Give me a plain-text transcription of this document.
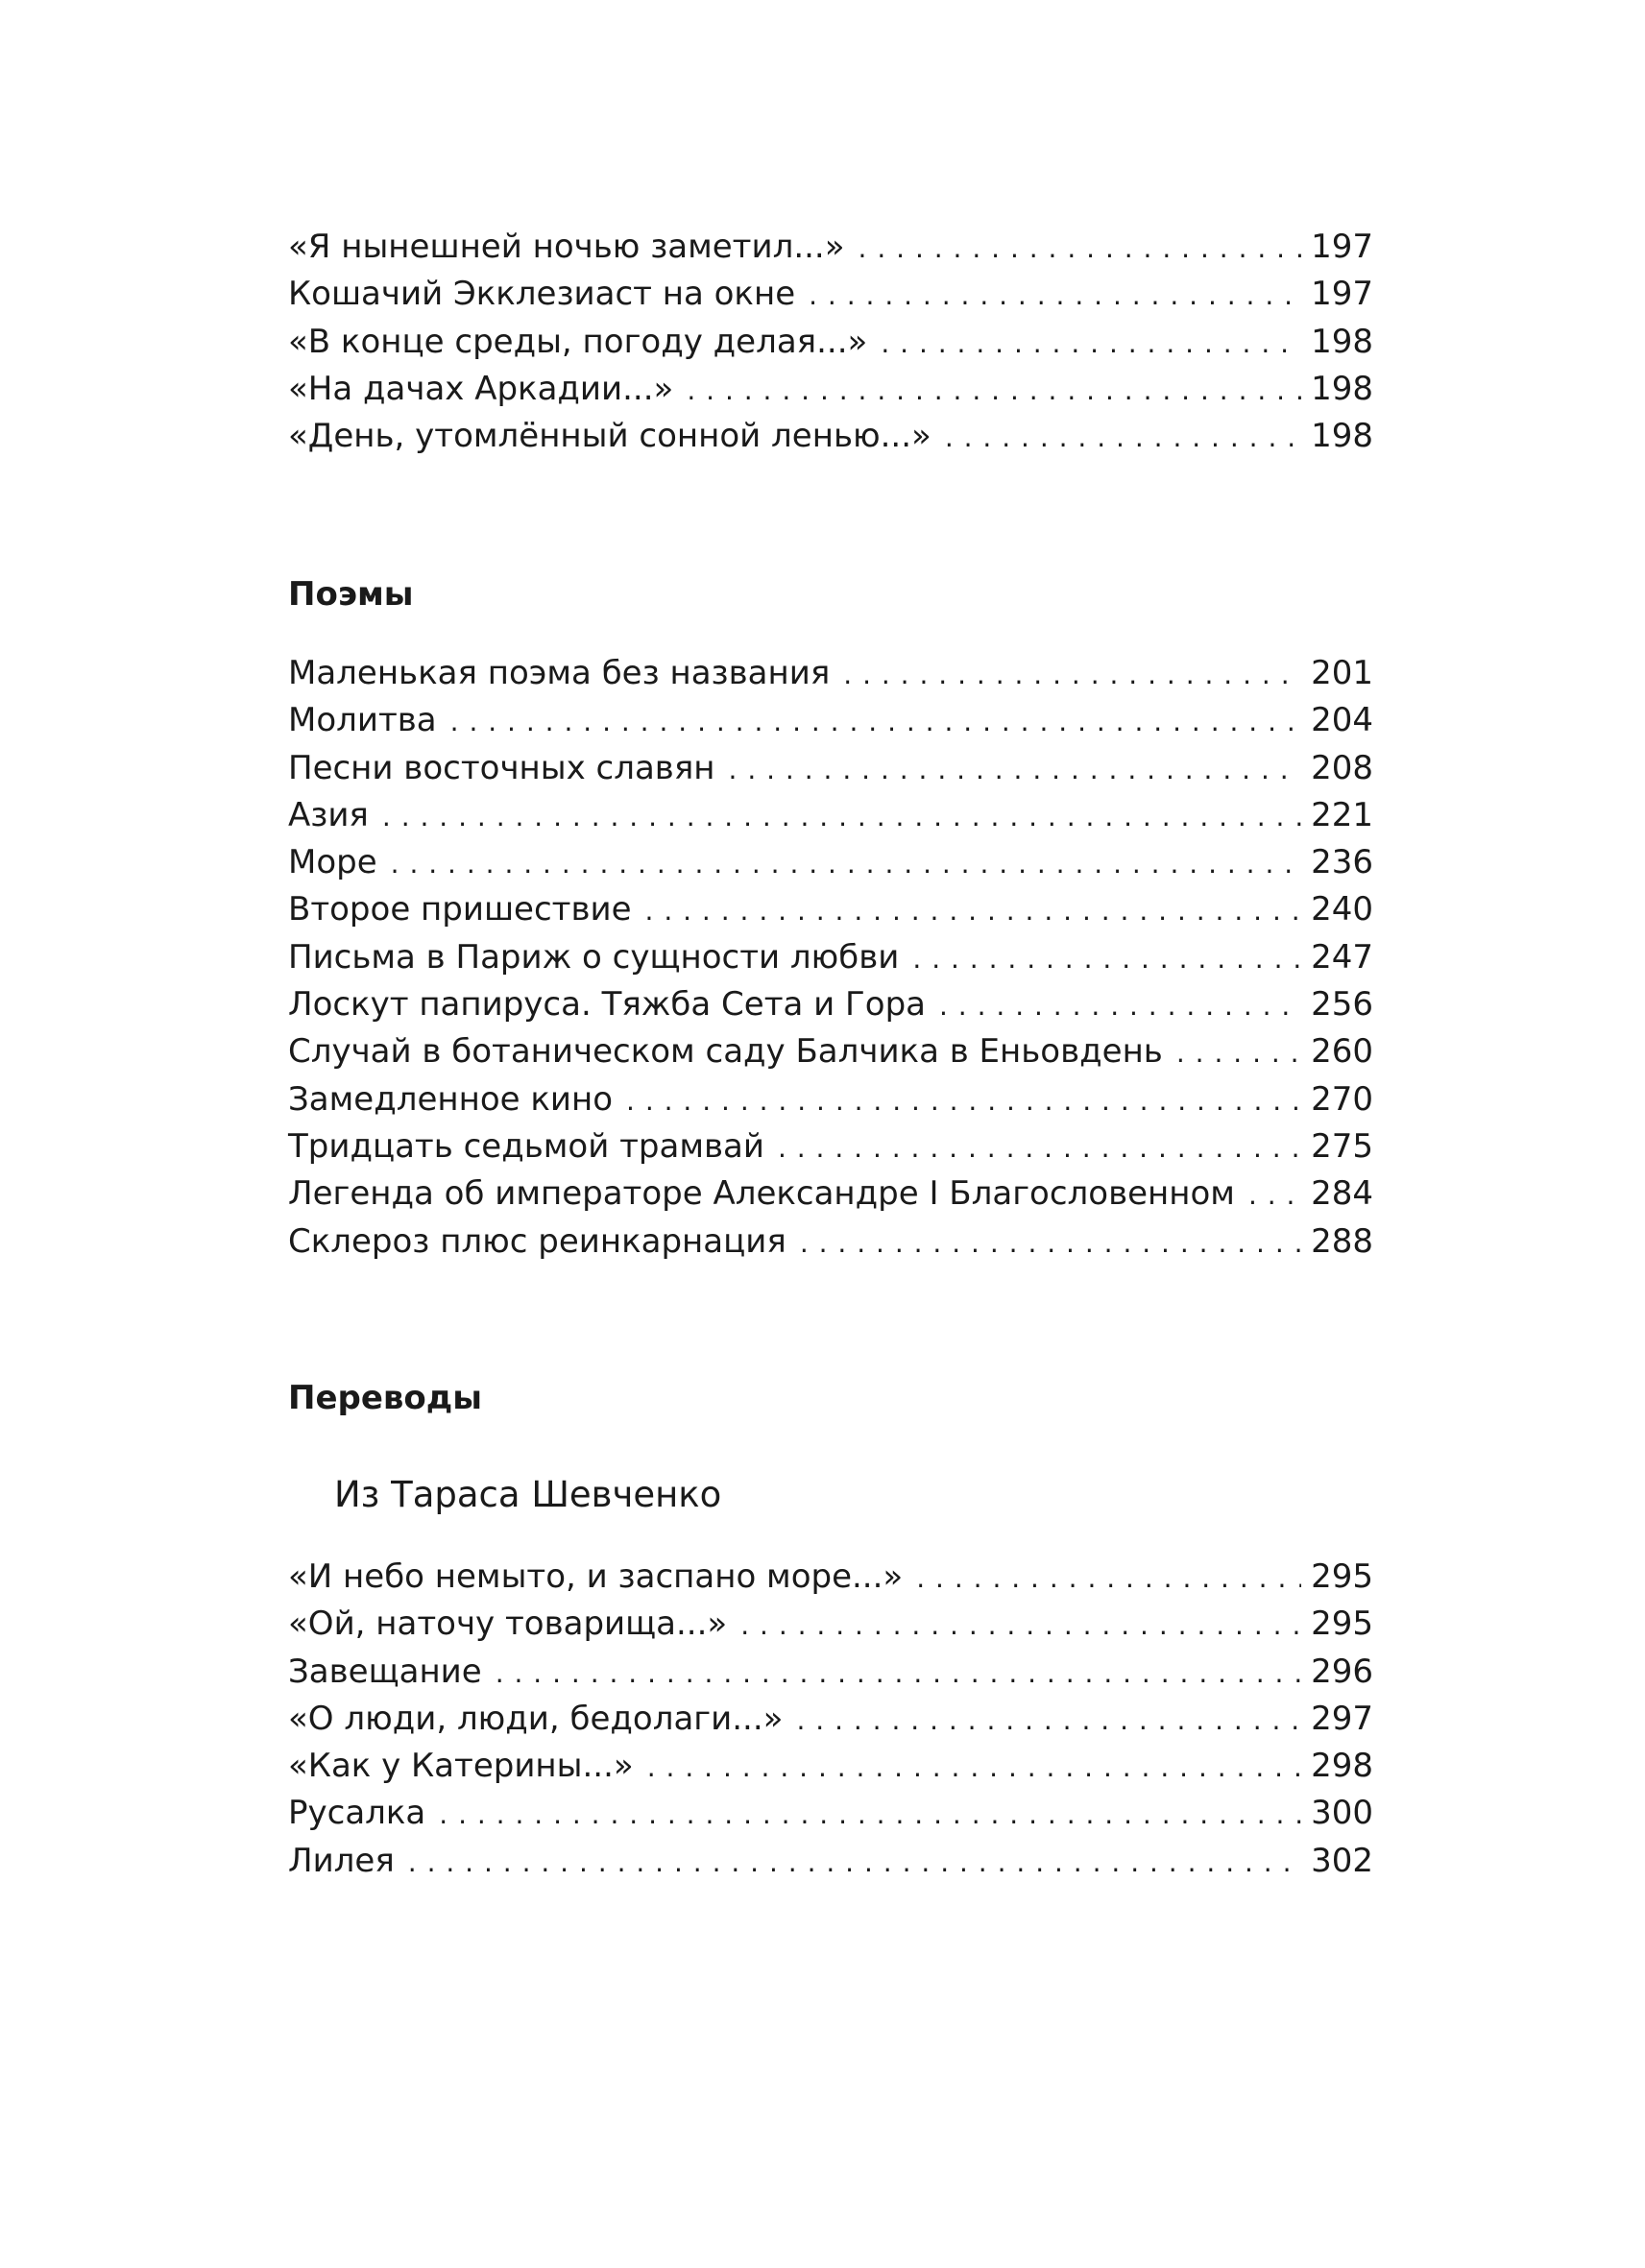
«Я нынешней ночью заметил...» . . .	197
Кошачий Экклезиаст на окне . . .	197
«В конце среды, погоду делая...» . . .	198
«На дачах Аркадии...» . . .	198
«День, утомлённый сонной ленью...» . . .	198
Поэмы
Маленькая поэма без названия . . .	201
Молитва . . .	204
Песни восточных славян . . .	208
Азия . . .	221
Море . . .	236
Второе пришествие . . .	240
Письма в Париж о сущности любви . . .	247
Лоскут папируса. Тяжба Сета и Гора . . .	256
Случай в ботаническом саду Балчика в Еньовдень . . .	260
Замедленное кино . . .	270
Тридцать седьмой трамвай . . .	275
Легенда об императоре Александре I Благословенном . . .	284
Склероз плюс реинкарнация . . .	288
Переводы
Из Тараса Шевченко
«И небо немыто, и заспано море...» . . .	295
«Ой, наточу товарища...» . . .	295
Завещание . . .	296
«О люди, люди, бедолаги...» . . .	297
«Как у Катерины...» . . .	298
Русалка . . .	300
Лилея . . .	302
